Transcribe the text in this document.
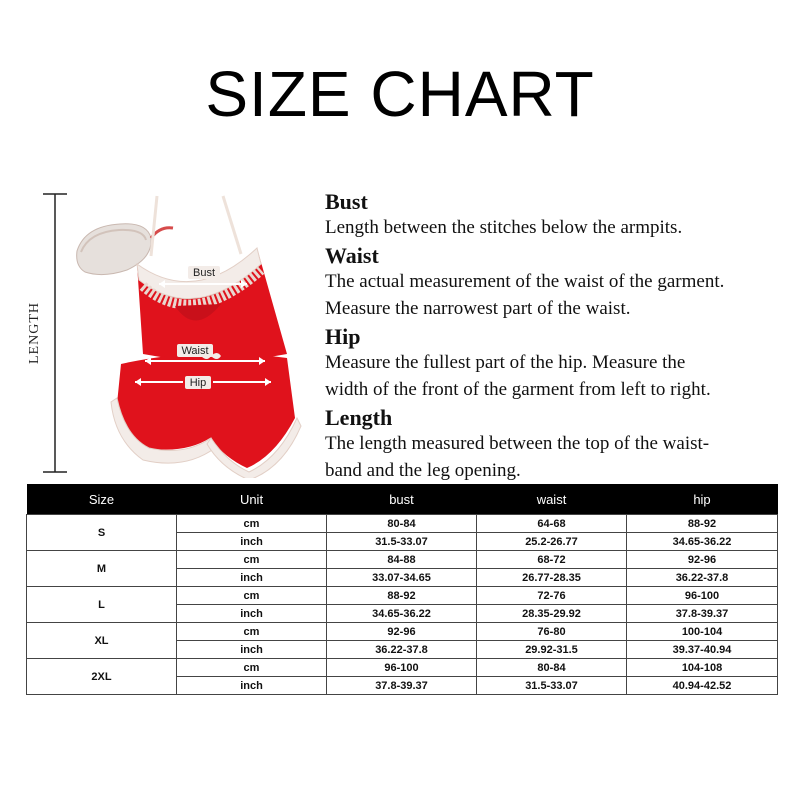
SIZE CHART
LENGTH
Bust
Waist
Hip
Bust
Length between the stitches below the armpits.
Waist
The actual measurement of the waist of the garment.
Measure the narrowest part of the waist.
Hip
Measure the fullest part of the hip. Measure the
width of the front of the garment from left to right.
Length
The length measured between the top of the waist-
band and the leg opening.
Size	Unit	bust	waist	hip
S	cm	80-84	64-68	88-92
	inch	31.5-33.07	25.2-26.77	34.65-36.22
M	cm	84-88	68-72	92-96
	inch	33.07-34.65	26.77-28.35	36.22-37.8
L	cm	88-92	72-76	96-100
	inch	34.65-36.22	28.35-29.92	37.8-39.37
XL	cm	92-96	76-80	100-104
	inch	36.22-37.8	29.92-31.5	39.37-40.94
2XL	cm	96-100	80-84	104-108
	inch	37.8-39.37	31.5-33.07	40.94-42.52
